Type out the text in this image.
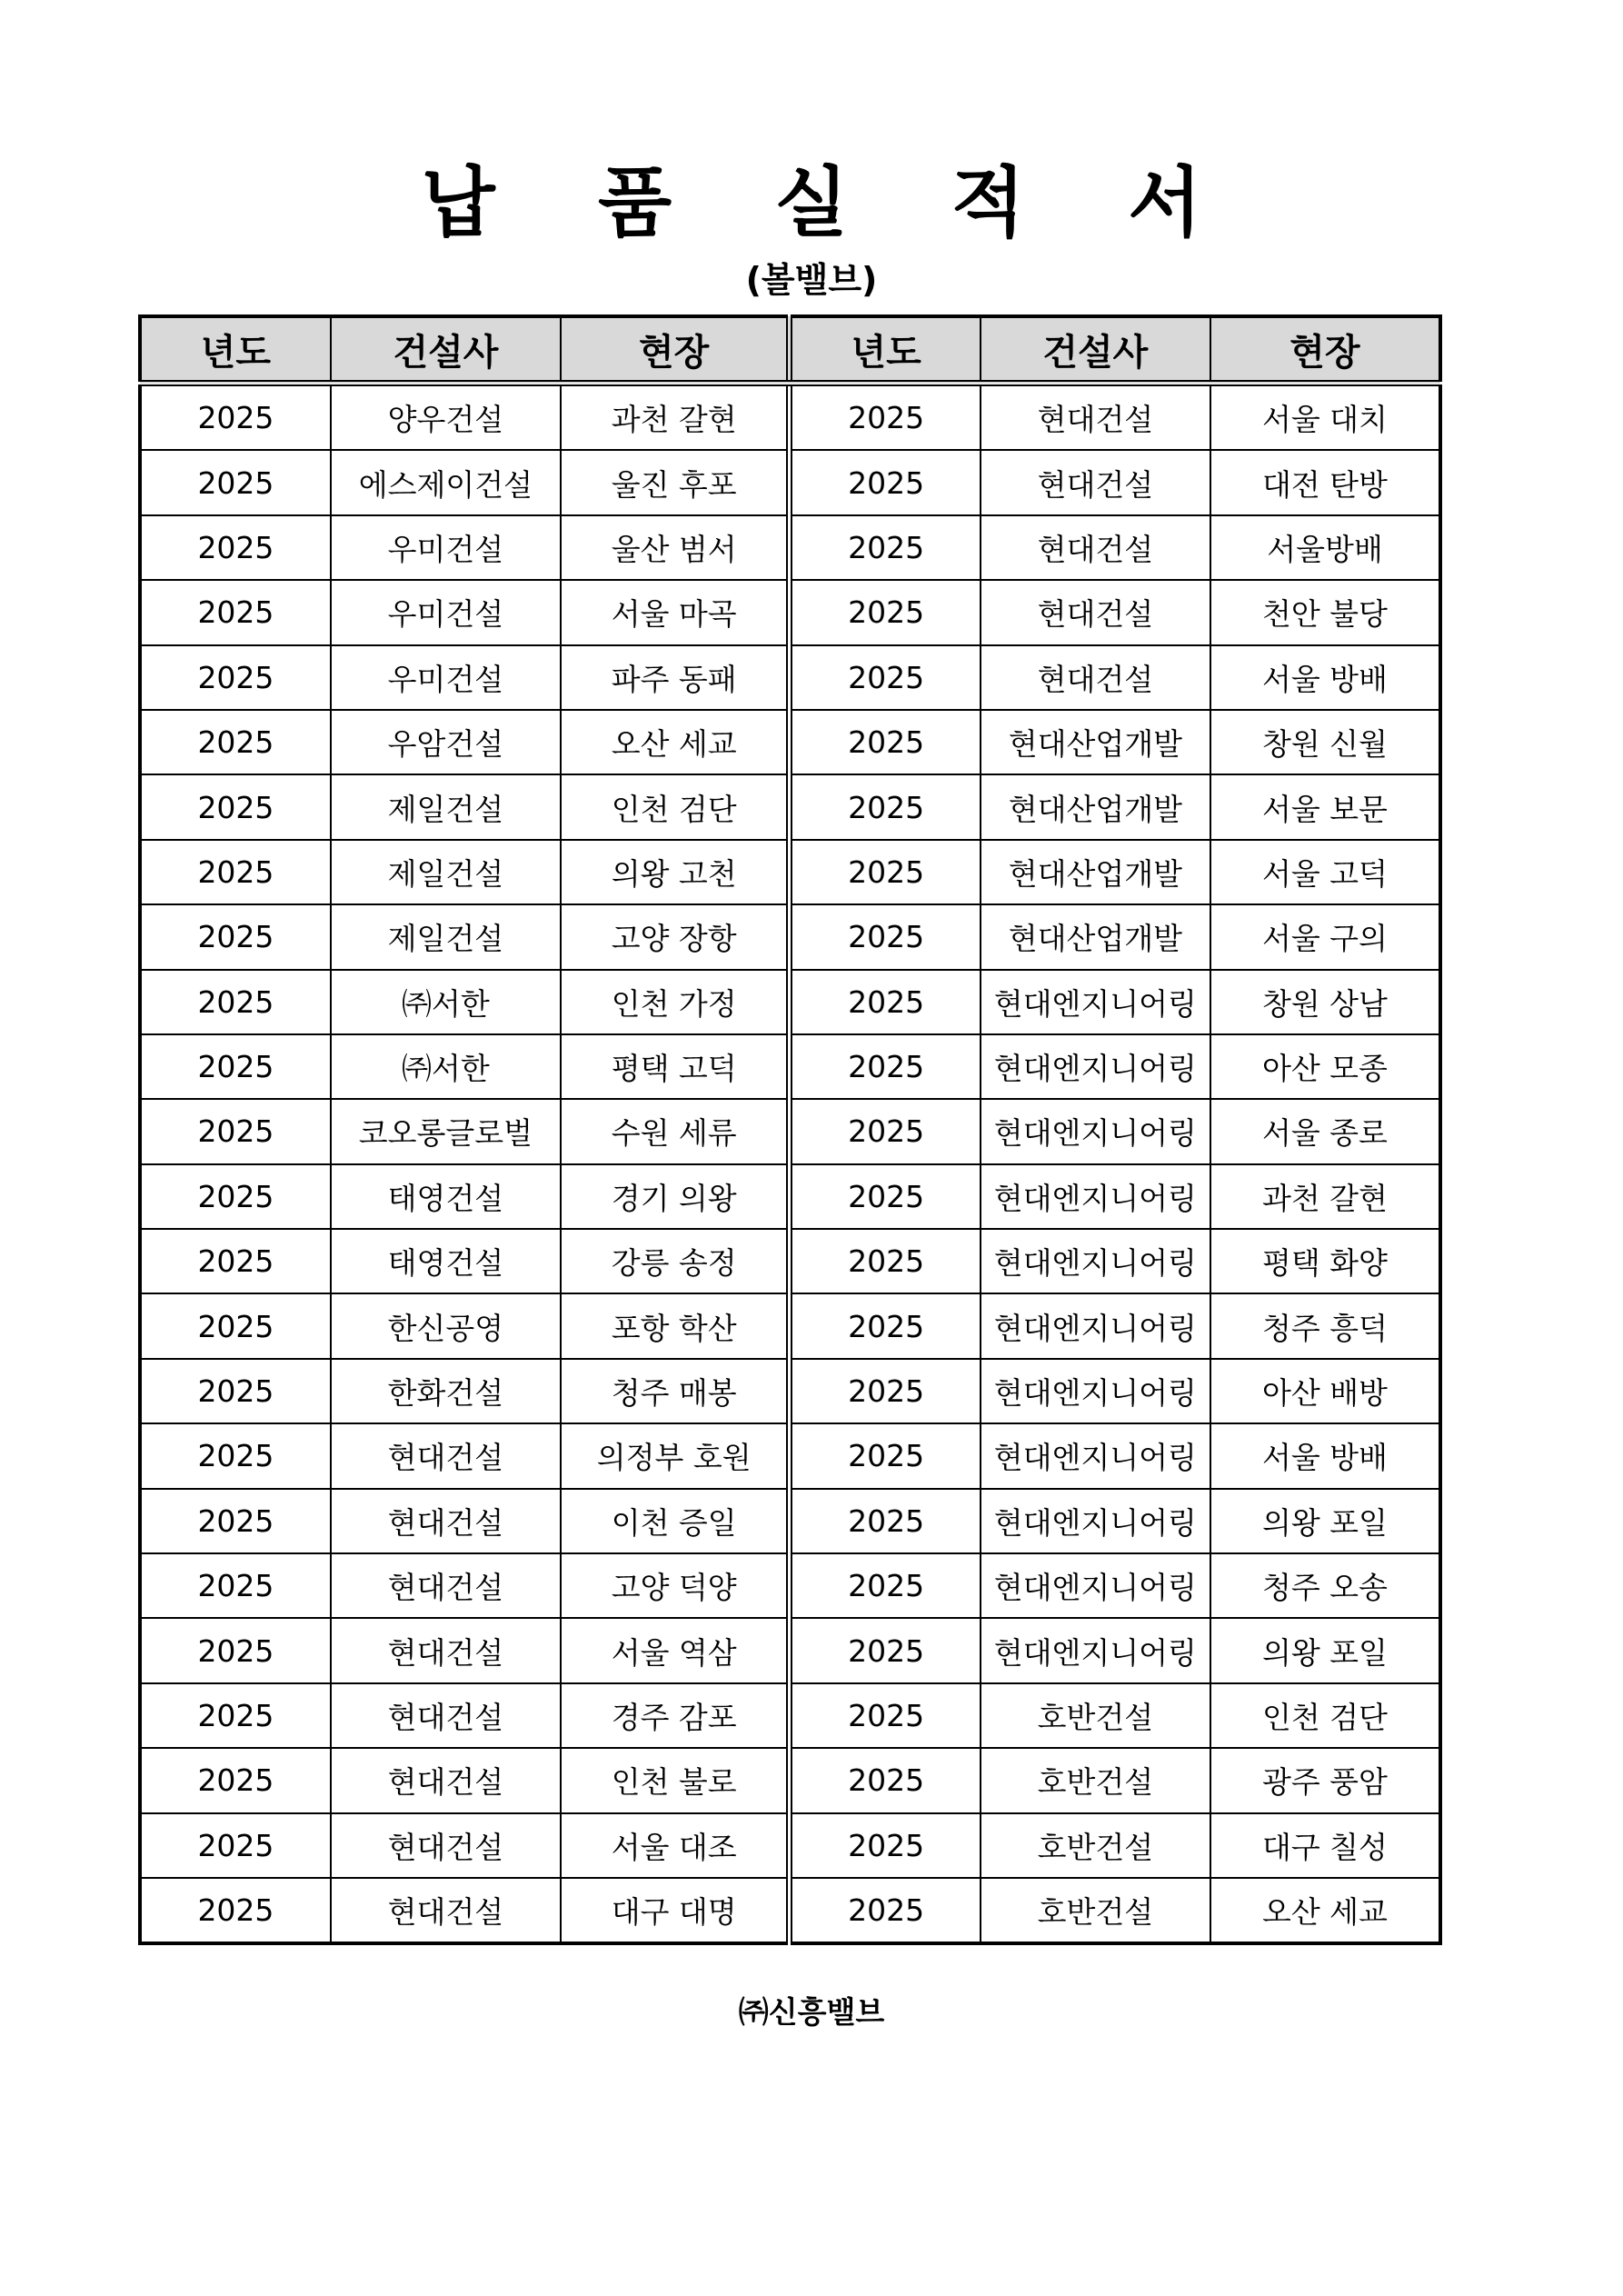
납 품 실 적 서
(볼밸브)
년도	건설사	현장	년도	건설사	현장
2025	양우건설	과천 갈현	2025	현대건설	서울 대치
2025	에스제이건설	울진 후포	2025	현대건설	대전 탄방
2025	우미건설	울산 범서	2025	현대건설	서울방배
2025	우미건설	서울 마곡	2025	현대건설	천안 불당
2025	우미건설	파주 동패	2025	현대건설	서울 방배
2025	우암건설	오산 세교	2025	현대산업개발	창원 신월
2025	제일건설	인천 검단	2025	현대산업개발	서울 보문
2025	제일건설	의왕 고천	2025	현대산업개발	서울 고덕
2025	제일건설	고양 장항	2025	현대산업개발	서울 구의
2025	㈜서한	인천 가정	2025	현대엔지니어링	창원 상남
2025	㈜서한	평택 고덕	2025	현대엔지니어링	아산 모종
2025	코오롱글로벌	수원 세류	2025	현대엔지니어링	서울 종로
2025	태영건설	경기 의왕	2025	현대엔지니어링	과천 갈현
2025	태영건설	강릉 송정	2025	현대엔지니어링	평택 화양
2025	한신공영	포항 학산	2025	현대엔지니어링	청주 흥덕
2025	한화건설	청주 매봉	2025	현대엔지니어링	아산 배방
2025	현대건설	의정부 호원	2025	현대엔지니어링	서울 방배
2025	현대건설	이천 증일	2025	현대엔지니어링	의왕 포일
2025	현대건설	고양 덕양	2025	현대엔지니어링	청주 오송
2025	현대건설	서울 역삼	2025	현대엔지니어링	의왕 포일
2025	현대건설	경주 감포	2025	호반건설	인천 검단
2025	현대건설	인천 불로	2025	호반건설	광주 풍암
2025	현대건설	서울 대조	2025	호반건설	대구 칠성
2025	현대건설	대구 대명	2025	호반건설	오산 세교
㈜신흥밸브
